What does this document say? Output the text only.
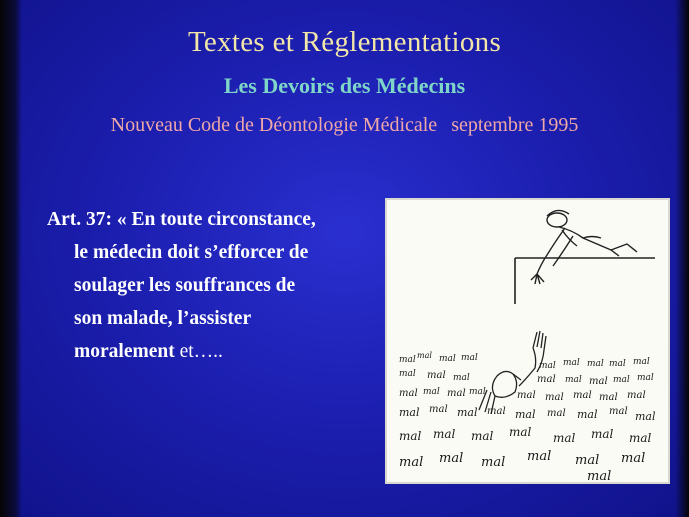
Textes et Réglementations
Les Devoirs des Médecins
Nouveau Code de Déontologie Médicale septembre 1995
Art. 37: « En toute circonstance,
le médecin doit s’efforcer de
soulager les souffrances de
son malade, l’assister
moralement et…..	mal mal mal mal
mal mal mal
mal mal mal mal
mal mal mal mal mal
mal mal mal mal mal
mal mal mal mal mal
mal mal mal mal mal mal mal mal mal
mal mal mal mal mal mal mal
mal mal mal mal mal mal
mal
